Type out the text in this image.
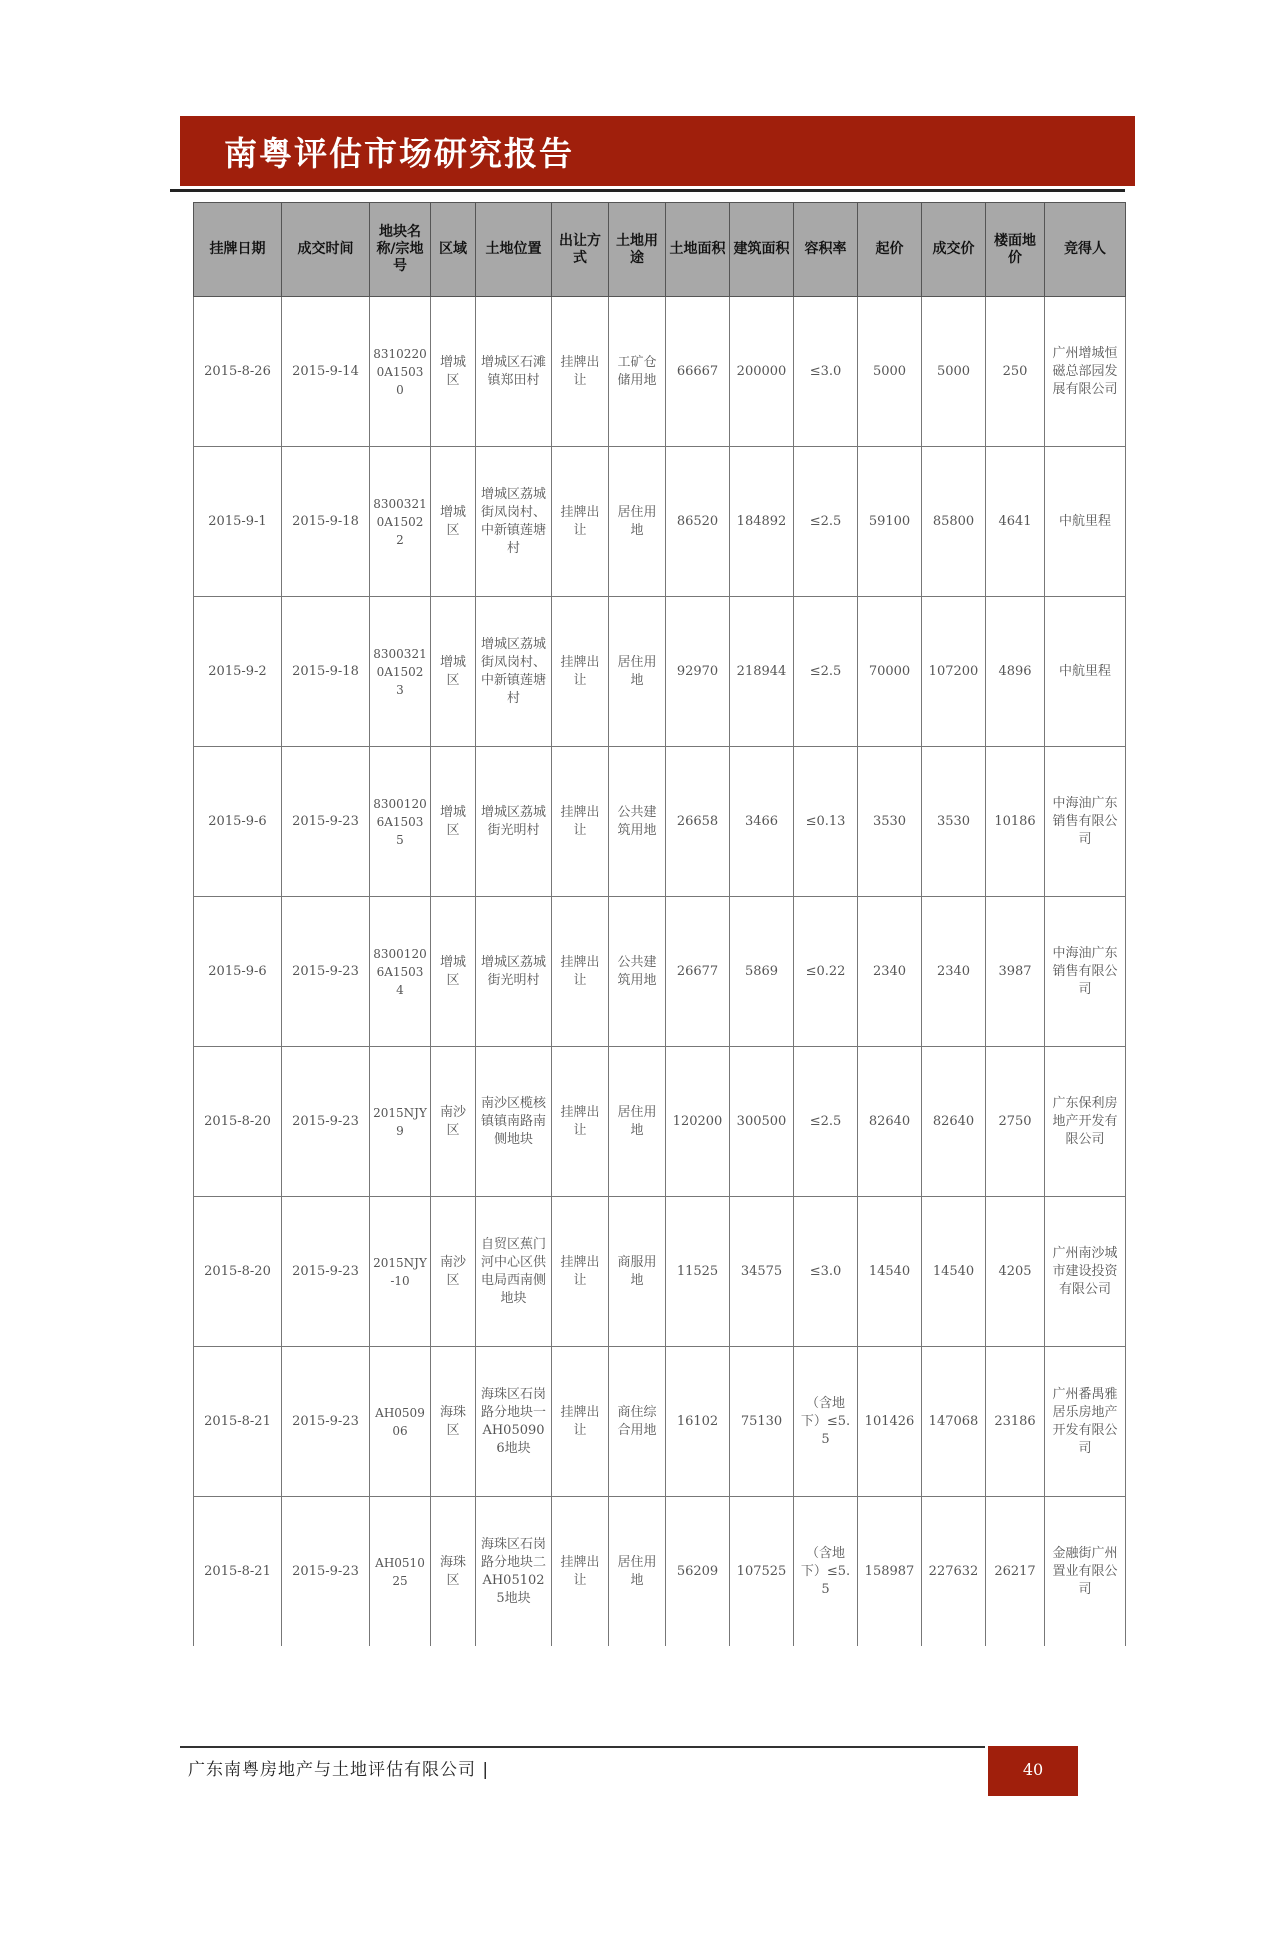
南粤评估市场研究报告
挂牌日期	成交时间	地块名称/宗地号	区域	土地位置	出让方式	土地用途	土地面积	建筑面积	容积率	起价	成交价	楼面地价	竞得人
2015-8-26	2015-9-14	83102200A15030	增城区	增城区石滩镇郑田村	挂牌出让	工矿仓储用地	66667	200000	≤3.0	5000	5000	250	广州增城恒磁总部园发展有限公司
2015-9-1	2015-9-18	83003210A15022	增城区	增城区荔城街凤岗村、中新镇莲塘村	挂牌出让	居住用地	86520	184892	≤2.5	59100	85800	4641	中航里程
2015-9-2	2015-9-18	83003210A15023	增城区	增城区荔城街凤岗村、中新镇莲塘村	挂牌出让	居住用地	92970	218944	≤2.5	70000	107200	4896	中航里程
2015-9-6	2015-9-23	83001206A15035	增城区	增城区荔城街光明村	挂牌出让	公共建筑用地	26658	3466	≤0.13	3530	3530	10186	中海油广东销售有限公司
2015-9-6	2015-9-23	83001206A15034	增城区	增城区荔城街光明村	挂牌出让	公共建筑用地	26677	5869	≤0.22	2340	2340	3987	中海油广东销售有限公司
2015-8-20	2015-9-23	2015NJY9	南沙区	南沙区榄核镇镇南路南侧地块	挂牌出让	居住用地	120200	300500	≤2.5	82640	82640	2750	广东保利房地产开发有限公司
2015-8-20	2015-9-23	2015NJY-10	南沙区	自贸区蕉门河中心区供电局西南侧地块	挂牌出让	商服用地	11525	34575	≤3.0	14540	14540	4205	广州南沙城市建设投资有限公司
2015-8-21	2015-9-23	AH050906	海珠区	海珠区石岗路分地块一AH050906地块	挂牌出让	商住综合用地	16102	75130	（含地下）≤5.5	101426	147068	23186	广州番禺雅居乐房地产开发有限公司
2015-8-21	2015-9-23	AH051025	海珠区	海珠区石岗路分地块二AH051025地块	挂牌出让	居住用地	56209	107525	（含地下）≤5.5	158987	227632	26217	金融街广州置业有限公司
广东南粤房地产与土地评估有限公司 |	40
